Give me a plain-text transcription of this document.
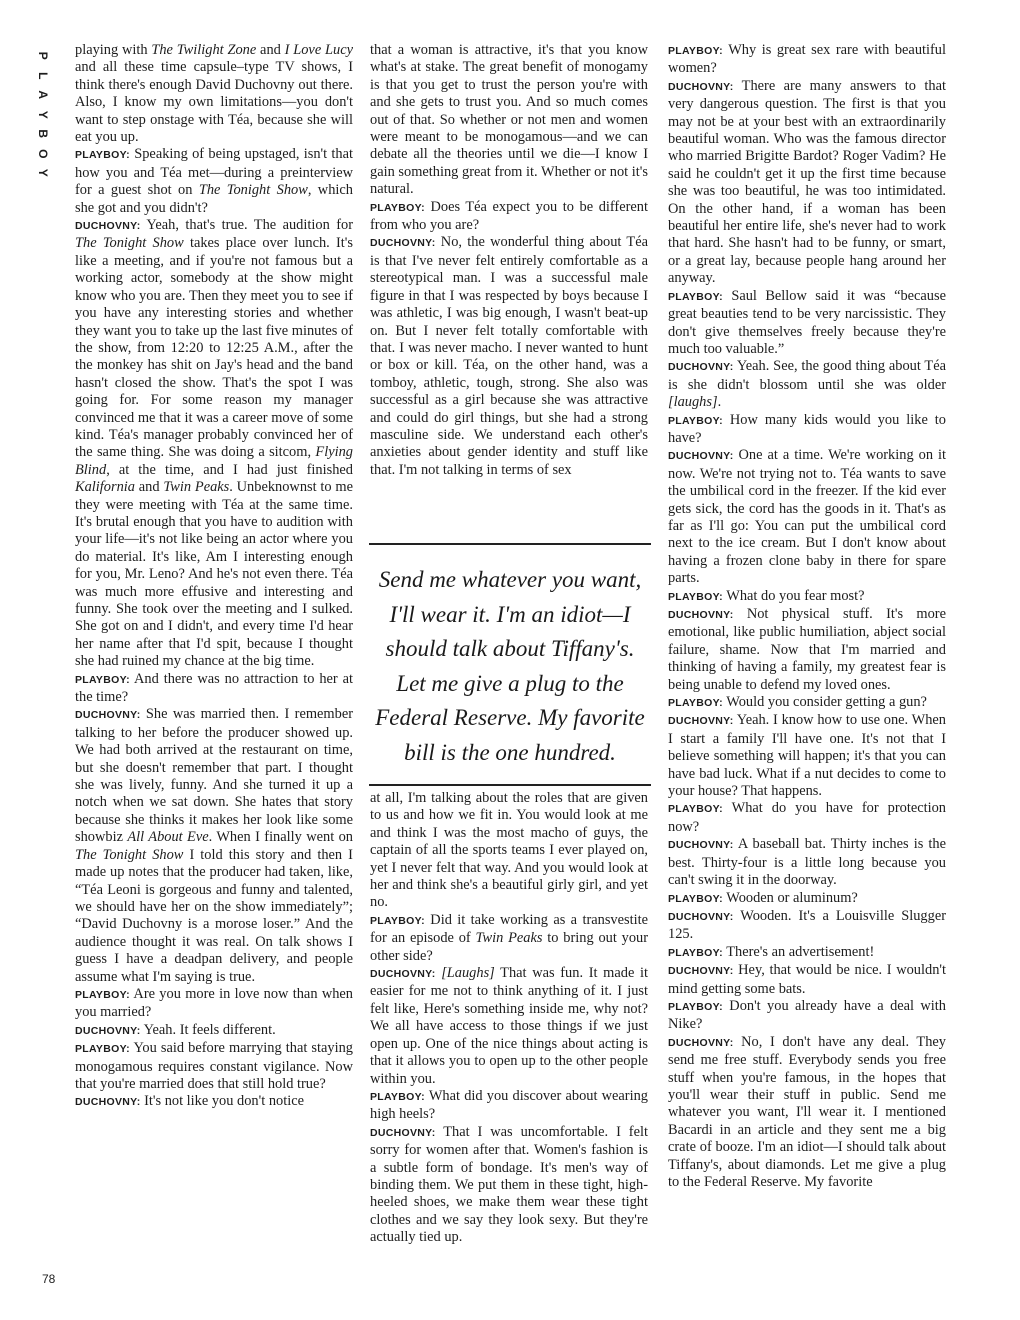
P
L
A
Y
B
O
Y

playing with The Twilight Zone and I Love Lucy and all these time capsule–type TV shows, I think there's enough David Duchovny out there. Also, I know my own limitations—you don't want to step onstage with Téa, because she will eat you up.

PLAYBOY: Speaking of being upstaged, isn't that how you and Téa met—during a preinterview for a guest shot on The Tonight Show, which she got and you didn't?

DUCHOVNY: Yeah, that's true. The audition for The Tonight Show takes place over lunch. It's like a meeting, and if you're not famous but a working actor, somebody at the show might know who you are. Then they meet you to see if you have any interesting stories and whether they want you to take up the last five minutes of the show, from 12:20 to 12:25 A.M., after the the monkey has shit on Jay's head and the band hasn't closed the show. That's the spot I was going for. For some reason my manager convinced me that it was a career move of some kind. Téa's manager probably convinced her of the same thing. She was doing a sitcom, Flying Blind, at the time, and I had just finished Kalifornia and Twin Peaks. Unbeknownst to me they were meeting with Téa at the same time. It's brutal enough that you have to audition with your life—it's not like being an actor where you do material. It's like, Am I interesting enough for you, Mr. Leno? And he's not even there. Téa was much more effusive and interesting and funny. She took over the meeting and I sulked. She got on and I didn't, and every time I'd hear her name after that I'd spit, because I thought she had ruined my chance at the big time.

PLAYBOY: And there was no attraction to her at the time?

DUCHOVNY: She was married then. I remember talking to her before the producer showed up. We had both arrived at the restaurant on time, but she doesn't remember that part. I thought she was lively, funny. And she turned it up a notch when we sat down. She hates that story because she thinks it makes her look like some showbiz All About Eve. When I finally went on The Tonight Show I told this story and then I made up notes that the producer had taken, like, “Téa Leoni is gorgeous and funny and talented, we should have her on the show immediately”; “David Duchovny is a morose loser.” And the audience thought it was real. On talk shows I guess I have a deadpan delivery, and people assume what I'm saying is true.

PLAYBOY: Are you more in love now than when you married?

DUCHOVNY: Yeah. It feels different.

PLAYBOY: You said before marrying that staying monogamous requires constant vigilance. Now that you're married does that still hold true?

DUCHOVNY: It's not like you don't notice

that a woman is attractive, it's that you know what's at stake. The great benefit of monogamy is that you get to trust the person you're with and she gets to trust you. And so much comes out of that. So whether or not men and women were meant to be monogamous—and we can debate all the theories until we die—I know I gain something great from it. Whether or not it's natural.

PLAYBOY: Does Téa expect you to be different from who you are?

DUCHOVNY: No, the wonderful thing about Téa is that I've never felt entirely comfortable as a stereotypical man. I was a successful male figure in that I was respected by boys because I was athletic, I was big enough, I wasn't beat-up on. But I never felt totally comfortable with that. I was never macho. I never wanted to hunt or box or kill. Téa, on the other hand, was a tomboy, athletic, tough, strong. She also was successful as a girl because she was attractive and could do girl things, but she had a strong masculine side. We understand each other's anxieties about gender identity and stuff like that. I'm not talking in terms of sex

Send me whatever you want, I'll wear it. I'm an idiot—I should talk about Tiffany's. Let me give a plug to the Federal Reserve. My favorite bill is the one hundred.

at all, I'm talking about the roles that are given to us and how we fit in. You would look at me and think I was the most macho of guys, the captain of all the sports teams I ever played on, yet I never felt that way. And you would look at her and think she's a beautiful girly girl, and yet no.

PLAYBOY: Did it take working as a transvestite for an episode of Twin Peaks to bring out your other side?

DUCHOVNY: [Laughs] That was fun. It made it easier for me not to think anything of it. I just felt like, Here's something inside me, why not? We all have access to those things if we just open up. One of the nice things about acting is that it allows you to open up to the other people within you.

PLAYBOY: What did you discover about wearing high heels?

DUCHOVNY: That I was uncomfortable. I felt sorry for women after that. Women's fashion is a subtle form of bondage. It's men's way of binding them. We put them in these tight, high-heeled shoes, we make them wear these tight clothes and we say they look sexy. But they're actually tied up.

PLAYBOY: Why is great sex rare with beautiful women?

DUCHOVNY: There are many answers to that very dangerous question. The first is that you may not be at your best with an extraordinarily beautiful woman. Who was the famous director who married Brigitte Bardot? Roger Vadim? He said he couldn't get it up the first time because she was too beautiful, he was too intimidated. On the other hand, if a woman has been beautiful her entire life, she's never had to work that hard. She hasn't had to be funny, or smart, or a great lay, because people hang around her anyway.

PLAYBOY: Saul Bellow said it was “because great beauties tend to be very narcissistic. They don't give themselves freely because they're much too valuable.”

DUCHOVNY: Yeah. See, the good thing about Téa is she didn't blossom until she was older [laughs].

PLAYBOY: How many kids would you like to have?

DUCHOVNY: One at a time. We're working on it now. We're not trying not to. Téa wants to save the umbilical cord in the freezer. If the kid ever gets sick, the cord has the goods in it. That's as far as I'll go: You can put the umbilical cord next to the ice cream. But I don't know about having a frozen clone baby in there for spare parts.

PLAYBOY: What do you fear most?

DUCHOVNY: Not physical stuff. It's more emotional, like public humiliation, abject social failure, shame. Now that I'm married and thinking of having a family, my greatest fear is being unable to defend my loved ones.

PLAYBOY: Would you consider getting a gun?

DUCHOVNY: Yeah. I know how to use one. When I start a family I'll have one. It's not that I believe something will happen; it's that you can have bad luck. What if a nut decides to come to your house? That happens.

PLAYBOY: What do you have for protection now?

DUCHOVNY: A baseball bat. Thirty inches is the best. Thirty-four is a little long because you can't swing it in the doorway.

PLAYBOY: Wooden or aluminum?

DUCHOVNY: Wooden. It's a Louisville Slugger 125.

PLAYBOY: There's an advertisement!

DUCHOVNY: Hey, that would be nice. I wouldn't mind getting some bats.

PLAYBOY: Don't you already have a deal with Nike?

DUCHOVNY: No, I don't have any deal. They send me free stuff. Everybody sends you free stuff when you're famous, in the hopes that you'll wear their stuff in public. Send me whatever you want, I'll wear it. I mentioned Bacardi in an article and they sent me a big crate of booze. I'm an idiot—I should talk about Tiffany's, about diamonds. Let me give a plug to the Federal Reserve. My favorite

78
